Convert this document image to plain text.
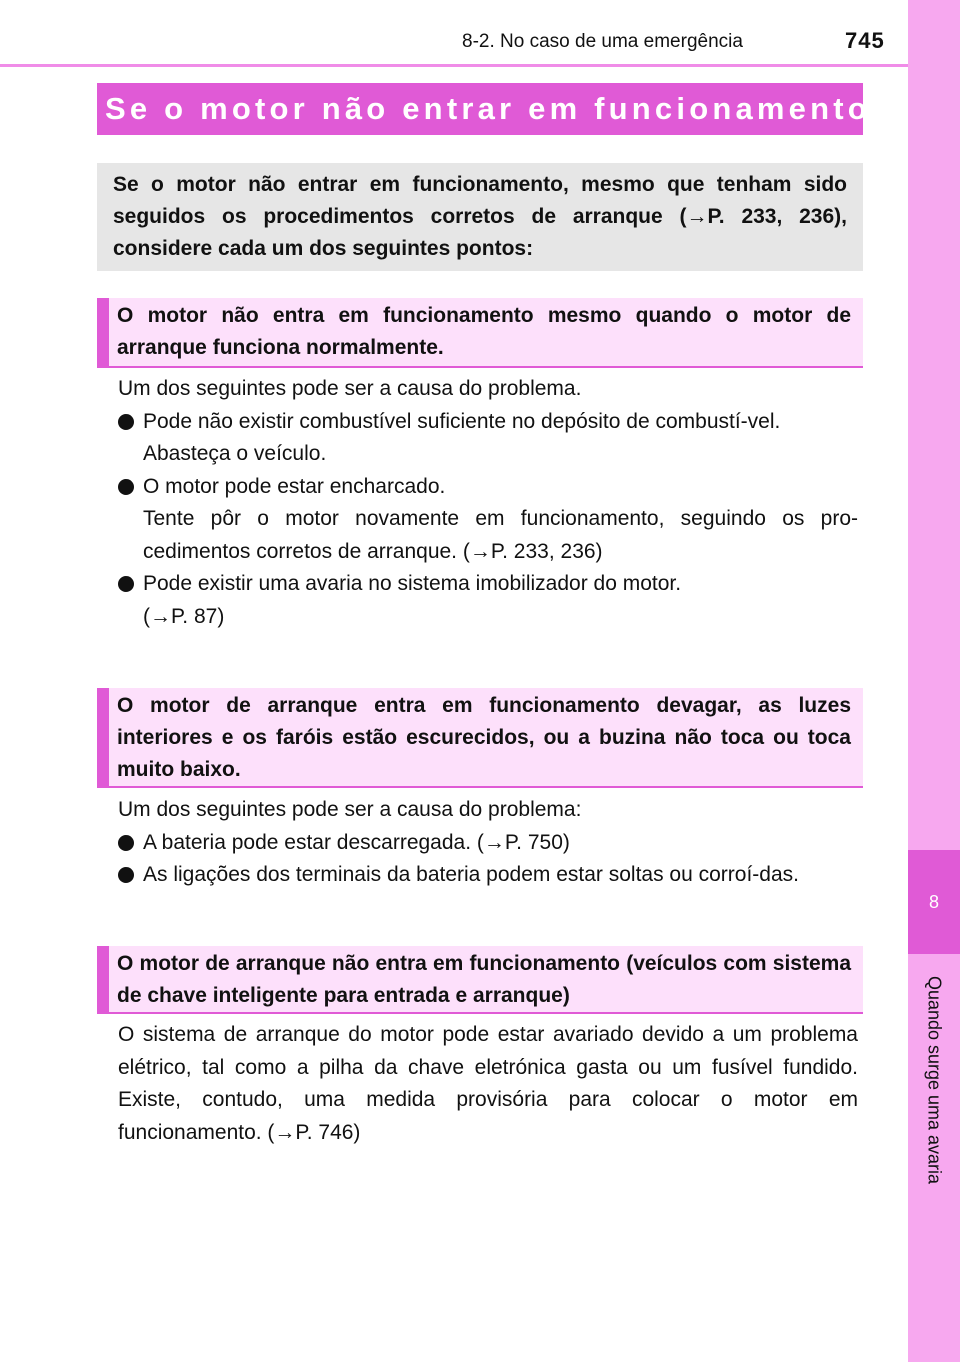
8-2. No caso de uma emergência	745
8
Quando surge uma avaria
Se o motor não entrar em funcionamento
Se o motor não entrar em funcionamento, mesmo que tenham sido seguidos os procedimentos corretos de arranque (→P. 233, 236), considere cada um dos seguintes pontos:
O motor não entra em funcionamento mesmo quando o motor de arranque funciona normalmente.

Um dos seguintes pode ser a causa do problema.

Pode não existir combustível suficiente no depósito de combustí-vel.
Abasteça o veículo.
O motor pode estar encharcado.
Tente pôr o motor novamente em funcionamento, seguindo os pro-cedimentos corretos de arranque. (→P. 233, 236)
Pode existir uma avaria no sistema imobilizador do motor.
(→P. 87)
O motor de arranque entra em funcionamento devagar, as luzes interiores e os faróis estão escurecidos, ou a buzina não toca ou toca muito baixo.

Um dos seguintes pode ser a causa do problema:

A bateria pode estar descarregada. (→P. 750)
As ligações dos terminais da bateria podem estar soltas ou corroí-das.
O motor de arranque não entra em funcionamento (veículos com sistema de chave inteligente para entrada e arranque)

O sistema de arranque do motor pode estar avariado devido a um problema elétrico, tal como a pilha da chave eletrónica gasta ou um fusível fundido. Existe, contudo, uma medida provisória para colocar o motor em funcionamento. (→P. 746)
